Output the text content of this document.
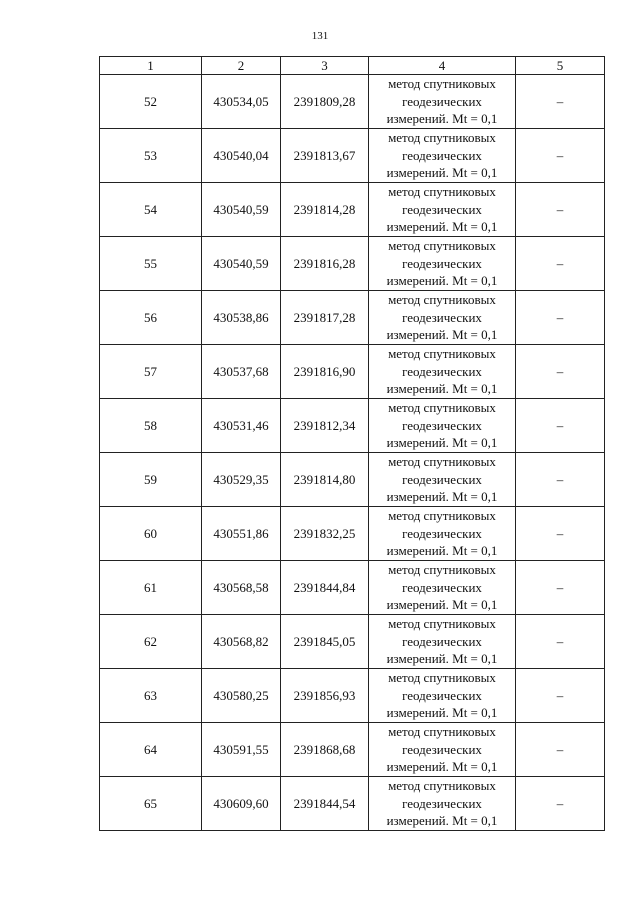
131
1	2	3	4	5
52	430534,05	2391809,28	метод спутниковых
геодезических
измерений. Mt = 0,1	–
53	430540,04	2391813,67	метод спутниковых
геодезических
измерений. Mt = 0,1	–
54	430540,59	2391814,28	метод спутниковых
геодезических
измерений. Mt = 0,1	–
55	430540,59	2391816,28	метод спутниковых
геодезических
измерений. Mt = 0,1	–
56	430538,86	2391817,28	метод спутниковых
геодезических
измерений. Mt = 0,1	–
57	430537,68	2391816,90	метод спутниковых
геодезических
измерений. Mt = 0,1	–
58	430531,46	2391812,34	метод спутниковых
геодезических
измерений. Mt = 0,1	–
59	430529,35	2391814,80	метод спутниковых
геодезических
измерений. Mt = 0,1	–
60	430551,86	2391832,25	метод спутниковых
геодезических
измерений. Mt = 0,1	–
61	430568,58	2391844,84	метод спутниковых
геодезических
измерений. Mt = 0,1	–
62	430568,82	2391845,05	метод спутниковых
геодезических
измерений. Mt = 0,1	–
63	430580,25	2391856,93	метод спутниковых
геодезических
измерений. Mt = 0,1	–
64	430591,55	2391868,68	метод спутниковых
геодезических
измерений. Mt = 0,1	–
65	430609,60	2391844,54	метод спутниковых
геодезических
измерений. Mt = 0,1	–
